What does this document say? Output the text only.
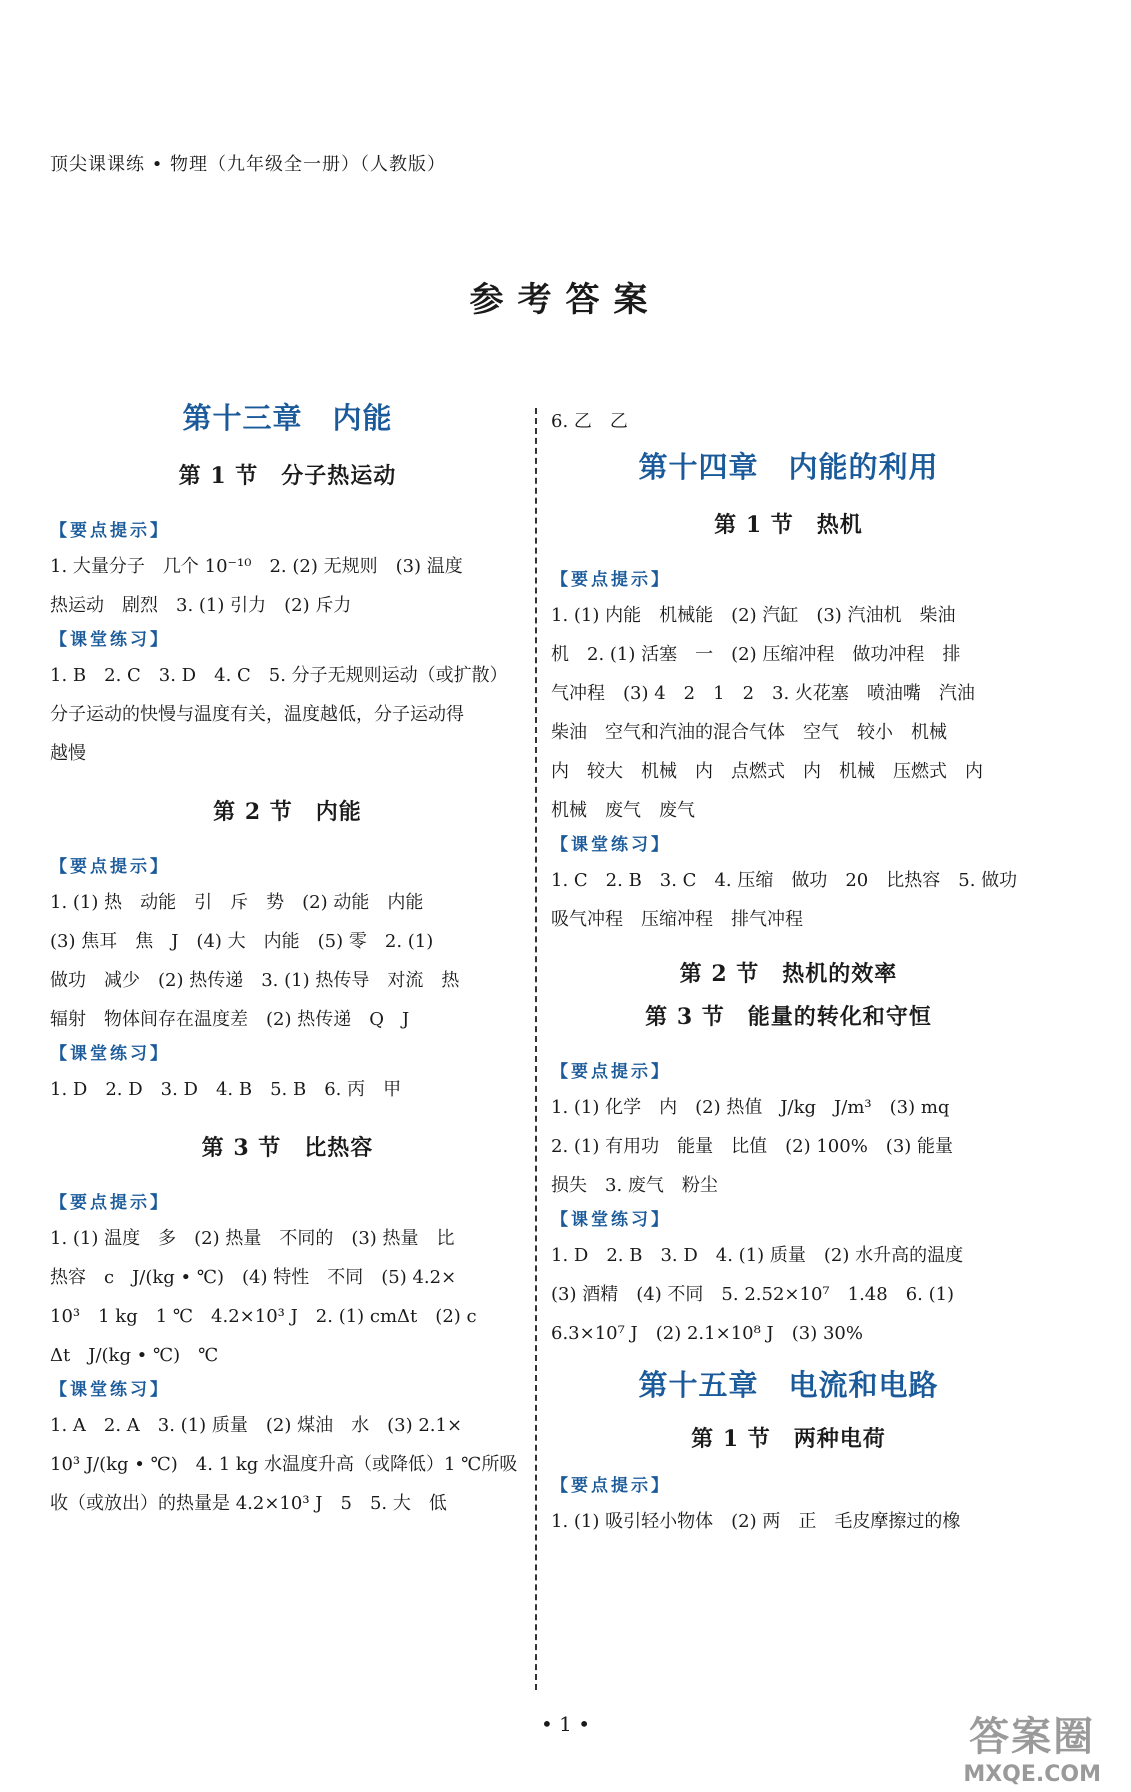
顶尖课课练 • 物理（九年级全一册）（人教版）
参考答案
第十三章　内能
第 1 节　分子热运动
【要点提示】
1. 大量分子　几个 10⁻¹⁰　2. (2) 无规则　(3) 温度
热运动　剧烈　3. (1) 引力　(2) 斥力
【课堂练习】
1. B　2. C　3. D　4. C　5. 分子无规则运动（或扩散）
分子运动的快慢与温度有关，温度越低，分子运动得
越慢
第 2 节　内能
【要点提示】
1. (1) 热　动能　引　斥　势　(2) 动能　内能
(3) 焦耳　焦　J　(4) 大　内能　(5) 零　2. (1)
做功　减少　(2) 热传递　3. (1) 热传导　对流　热
辐射　物体间存在温度差　(2) 热传递　Q　J
【课堂练习】
1. D　2. D　3. D　4. B　5. B　6. 丙　甲
第 3 节　比热容
【要点提示】
1. (1) 温度　多　(2) 热量　不同的　(3) 热量　比
热容　c　J/(kg • ℃)　(4) 特性　不同　(5) 4.2×
10³　1 kg　1 ℃　4.2×10³ J　2. (1) cmΔt　(2) c
Δt　J/(kg • ℃)　℃
【课堂练习】
1. A　2. A　3. (1) 质量　(2) 煤油　水　(3) 2.1×
10³ J/(kg • ℃)　4. 1 kg 水温度升高（或降低）1 ℃所吸
收（或放出）的热量是 4.2×10³ J　5　5. 大　低
6. 乙　乙
第十四章　内能的利用
第 1 节　热机
【要点提示】
1. (1) 内能　机械能　(2) 汽缸　(3) 汽油机　柴油
机　2. (1) 活塞　一　(2) 压缩冲程　做功冲程　排
气冲程　(3) 4　2　1　2　3. 火花塞　喷油嘴　汽油
柴油　空气和汽油的混合气体　空气　较小　机械
内　较大　机械　内　点燃式　内　机械　压燃式　内
机械　废气　废气
【课堂练习】
1. C　2. B　3. C　4. 压缩　做功　20　比热容　5. 做功
吸气冲程　压缩冲程　排气冲程
第 2 节　热机的效率
第 3 节　能量的转化和守恒
【要点提示】
1. (1) 化学　内　(2) 热值　J/kg　J/m³　(3) mq
2. (1) 有用功　能量　比值　(2) 100%　(3) 能量
损失　3. 废气　粉尘
【课堂练习】
1. D　2. B　3. D　4. (1) 质量　(2) 水升高的温度
(3) 酒精　(4) 不同　5. 2.52×10⁷　1.48　6. (1)
6.3×10⁷ J　(2) 2.1×10⁸ J　(3) 30%
第十五章　电流和电路
第 1 节　两种电荷
【要点提示】
1. (1) 吸引轻小物体　(2) 两　正　毛皮摩擦过的橡
• 1 •	答案圈
MXQE.COM
